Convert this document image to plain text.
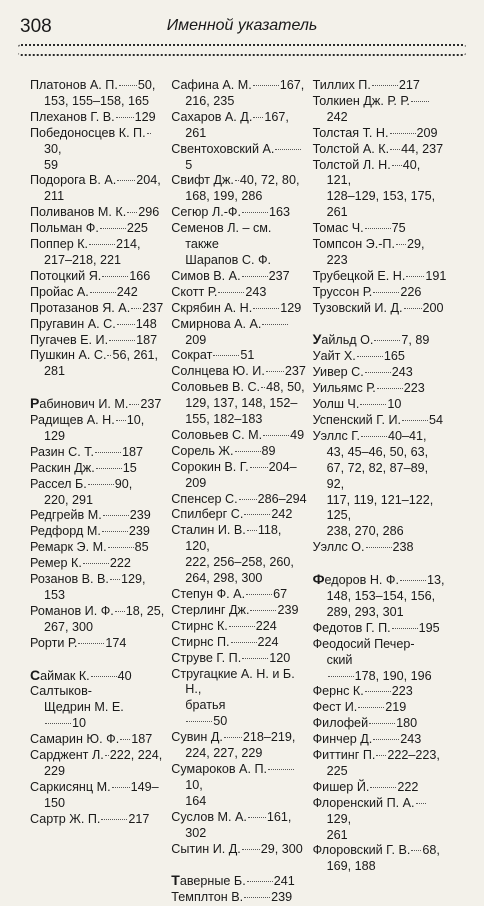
308	Именной указатель
Платонов А. П. 50,
153, 155–158, 165
Плеханов Г. В. 129
Победоносцев К. П.30,
59
Подорога В. А. 204,
211
Поливанов М. К. 296
Польман Ф. 225
Поппер К. 214,
217–218, 221
Потоцкий Я. 166
Пройас А. 242
Протазанов Я. А. 237
Пругавин А. С. 148
Пугачев Е. И. 187
Пушкин А. С. 56, 261,
281
Рабинович И. М. 237
Радищев А. Н. 10, 129
Разин С. Т. 187
Раскин Дж. 15
Рассел Б. 90,
220, 291
Редгрейв М. 239
Редфорд М. 239
Ремарк Э. М. 85
Ремер К. 222
Розанов В. В. 129, 153
Романов И. Ф. 18, 25,
267, 300
Рорти Р. 174
Саймак К. 40
Салтыков-
Щедрин М. Е.
10
Самарин Ю. Ф. 187
Сарджент Л. 222, 224,
229
Саркисянц М. 149–
150
Сартр Ж. П. 217
Сафина А. М. 167,
216, 235
Сахаров А. Д. 167, 261
Свентоховский А.5
Свифт Дж. 40, 72, 80,
168, 199, 286
Сегюр Л.-Ф. 163
Семенов Л. – см. также
Шарапов С. Ф.
Симов В. А. 237
Скотт Р. 243
Скрябин А. Н. 129
Смирнова А. А.209
Сократ 51
Солнцева Ю. И. 237
Соловьев В. С. 48, 50,
129, 137, 148, 152–
155, 182–183
Соловьев С. М. 49
Сорель Ж. 89
Сорокин В. Г. 204–
209
Спенсер С. 286–294
Спилберг С. 242
Сталин И. В. 118, 120,
222, 256–258, 260,
264, 298, 300
Степун Ф. А. 67
Стерлинг Дж. 239
Стирнс К. 224
Стирнс П. 224
Струве Г. П. 120
Стругацкие А. Н. и Б. Н.,
братья
50
Сувин Д. 218–219,
224, 227, 229
Сумароков А. П.10,
164
Суслов М. А. 161, 302
Сытин И. Д. 29, 300
Таверные Б. 241
Темплтон В. 239
Тиллих П. 217
Толкиен Дж. Р. Р.242
Толстая Т. Н. 209
Толстой А. К. 44, 237
Толстой Л. Н. 40, 121,
128–129, 153, 175,
261
Томас Ч. 75
Томпсон Э.-П. 29, 223
Трубецкой Е. Н. 191
Труссон Р. 226
Тузовский И. Д. 200
Уайльд О. 7, 89
Уайт Х. 165
Уивер С. 243
Уильямс Р. 223
Уолш Ч. 10
Успенский Г. И. 54
Уэллс Г. 40–41,
43, 45–46, 50, 63,
67, 72, 82, 87–89, 92,
117, 119, 121–122, 125,
238, 270, 286
Уэллс О. 238
Федоров Н. Ф. 13,
148, 153–154, 156,
289, 293, 301
Федотов Г. П. 195
Феодосий Печер-
ский
178, 190, 196
Фернс К. 223
Фест И. 219
Филофей 180
Финчер Д. 243
Фиттинг П. 222–223,
225
Фишер Й. 222
Флоренский П. А.129,
261
Флоровский Г. В. 68,
169, 188
